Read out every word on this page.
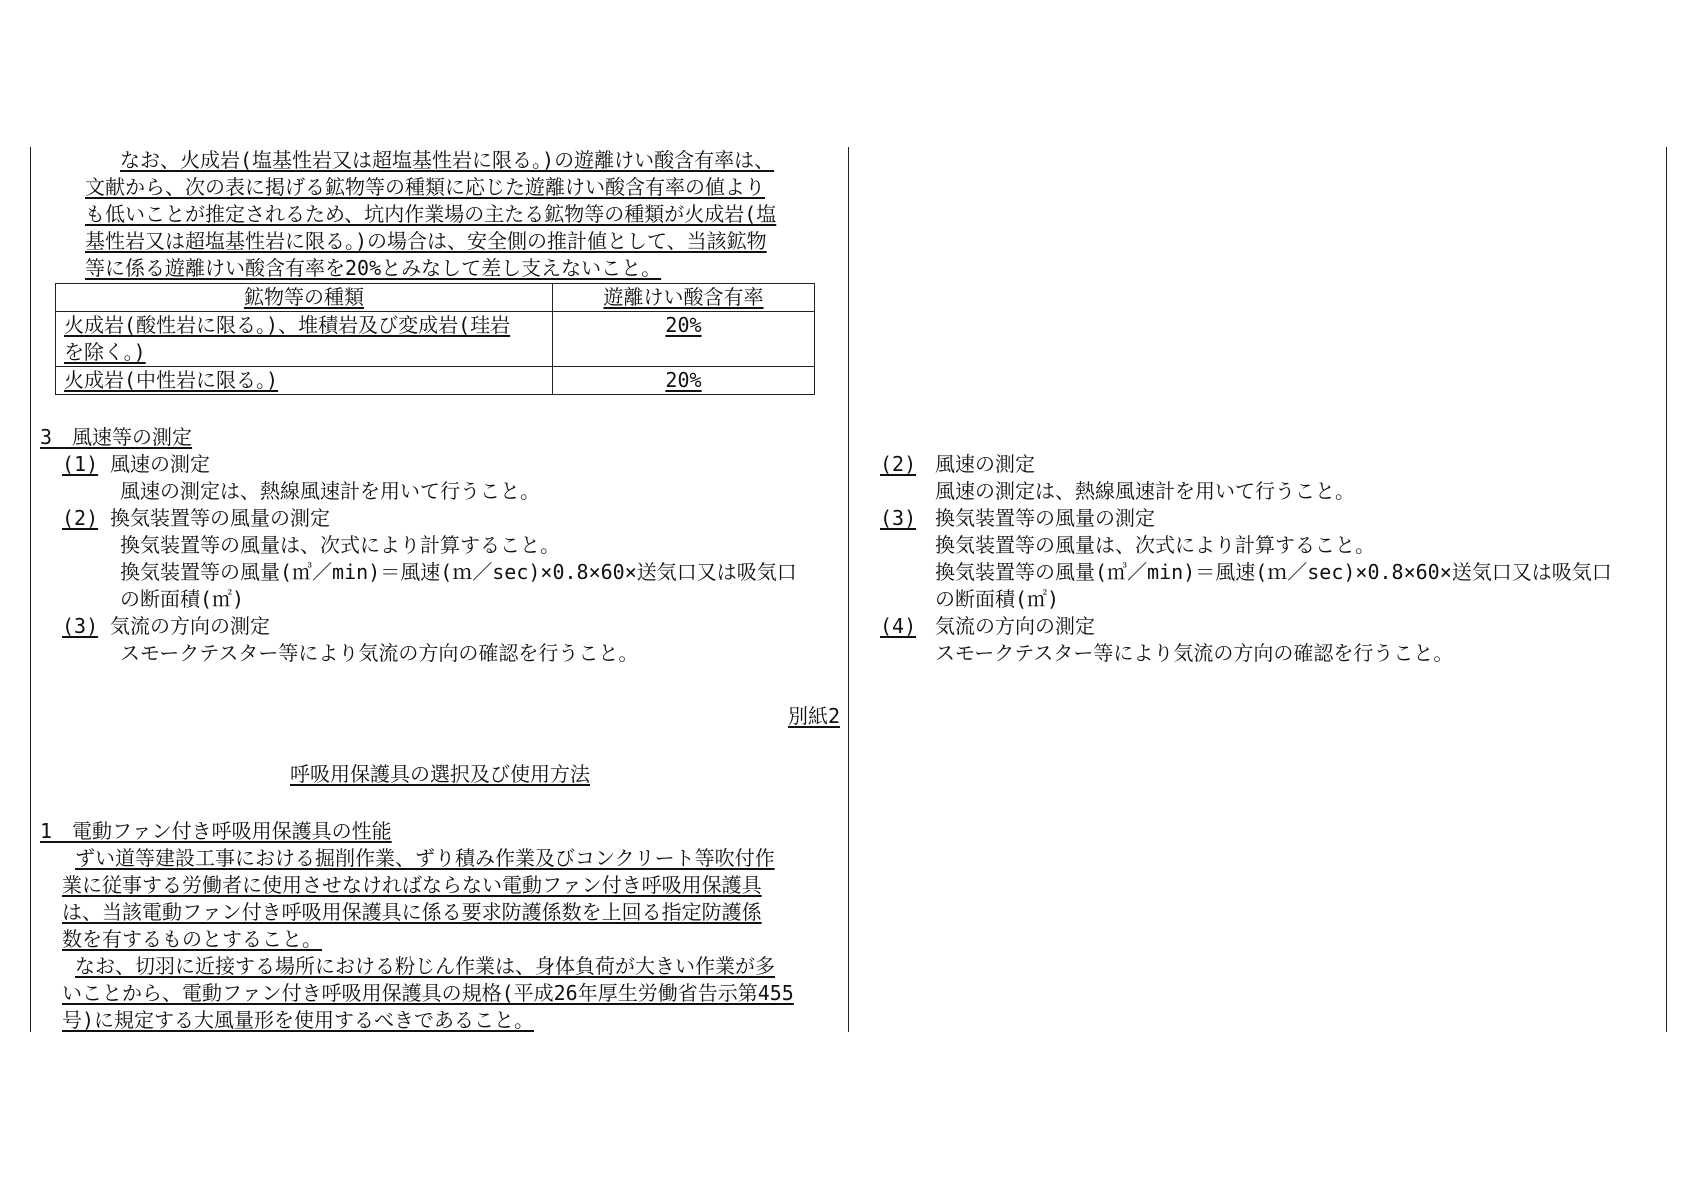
なお、火成岩(塩基性岩又は超塩基性岩に限る。)の遊離けい酸含有率は、
文献から、次の表に掲げる鉱物等の種類に応じた遊離けい酸含有率の値より
も低いことが推定されるため、坑内作業場の主たる鉱物等の種類が火成岩(塩
基性岩又は超塩基性岩に限る。)の場合は、安全側の推計値として、当該鉱物
等に係る遊離けい酸含有率を20%とみなして差し支えないこと。
3　風速等の測定
(1) 風速の測定
風速の測定は、熱線風速計を用いて行うこと。
(2) 換気装置等の風量の測定
換気装置等の風量は、次式により計算すること。
換気装置等の風量(㎥／min)＝風速(ｍ／sec)×0.8×60×送気口又は吸気口
の断面積(㎡)
(3) 気流の方向の測定
スモークテスター等により気流の方向の確認を行うこと。
別紙2
呼吸用保護具の選択及び使用方法
1　電動ファン付き呼吸用保護具の性能
ずい道等建設工事における掘削作業、ずり積み作業及びコンクリート等吹付作
業に従事する労働者に使用させなければならない電動ファン付き呼吸用保護具
は、当該電動ファン付き呼吸用保護具に係る要求防護係数を上回る指定防護係
数を有するものとすること。
なお、切羽に近接する場所における粉じん作業は、身体負荷が大きい作業が多
いことから、電動ファン付き呼吸用保護具の規格(平成26年厚生労働省告示第455
号)に規定する大風量形を使用するべきであること。
鉱物等の種類	遊離けい酸含有率

火成岩(酸性岩に限る。)、堆積岩及び変成岩(珪岩
を除く。)	20%
火成岩(中性岩に限る。)	20%
(2) 風速の測定
風速の測定は、熱線風速計を用いて行うこと。
(3) 換気装置等の風量の測定
換気装置等の風量は、次式により計算すること。
換気装置等の風量(㎥／min)＝風速(ｍ／sec)×0.8×60×送気口又は吸気口
の断面積(㎡)
(4) 気流の方向の測定
スモークテスター等により気流の方向の確認を行うこと。
